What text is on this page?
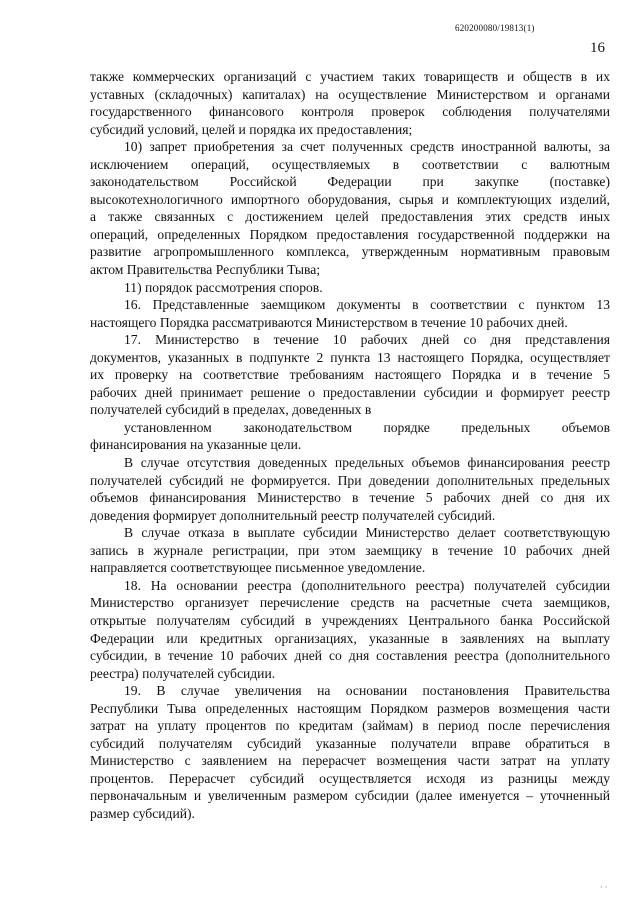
620200080/19813(1)
16
также коммерческих организаций с участием таких товариществ и обществ в их
уставных (складочных) капиталах) на осуществление Министерством и органами
государственного финансового контроля проверок соблюдения получателями
субсидий условий, целей и порядка их предоставления;
10) запрет приобретения за счет полученных средств иностранной валюты, за
исключением операций, осуществляемых в соответствии с валютным
законодательством Российской Федерации при закупке (поставке)
высокотехнологичного импортного оборудования, сырья и комплектующих изделий,
а также связанных с достижением целей предоставления этих средств иных
операций, определенных Порядком предоставления государственной поддержки на
развитие агропромышленного комплекса, утвержденным нормативным правовым
актом Правительства Республики Тыва;
11) порядок рассмотрения споров.
16. Представленные заемщиком документы в соответствии с пунктом 13
настоящего Порядка рассматриваются Министерством в течение 10 рабочих дней.
17. Министерство в течение 10 рабочих дней со дня представления
документов, указанных в подпункте 2 пункта 13 настоящего Порядка, осуществляет
их проверку на соответствие требованиям настоящего Порядка и в течение 5
рабочих дней принимает решение о предоставлении субсидии и формирует реестр
получателей субсидий в пределах, доведенных в
установленном законодательством порядке предельных объемов
финансирования на указанные цели.
В случае отсутствия доведенных предельных объемов финансирования реестр
получателей субсидий не формируется. При доведении дополнительных предельных
объемов финансирования Министерство в течение 5 рабочих дней со дня их
доведения формирует дополнительный реестр получателей субсидий.
В случае отказа в выплате субсидии Министерство делает соответствующую
запись в журнале регистрации, при этом заемщику в течение 10 рабочих дней
направляется соответствующее письменное уведомление.
18. На основании реестра (дополнительного реестра) получателей субсидии
Министерство организует перечисление средств на расчетные счета заемщиков,
открытые получателям субсидий в учреждениях Центрального банка Российской
Федерации или кредитных организациях, указанные в заявлениях на выплату
субсидии, в течение 10 рабочих дней со дня составления реестра (дополнительного
реестра) получателей субсидии.
19. В случае увеличения на основании постановления Правительства
Республики Тыва определенных настоящим Порядком размеров возмещения части
затрат на уплату процентов по кредитам (займам) в период после перечисления
субсидий получателям субсидий указанные получатели вправе обратиться в
Министерство с заявлением на перерасчет возмещения части затрат на уплату
процентов. Перерасчет субсидий осуществляется исходя из разницы между
первоначальным и увеличенным размером субсидии (далее именуется – уточненный
размер субсидий).
· ·
